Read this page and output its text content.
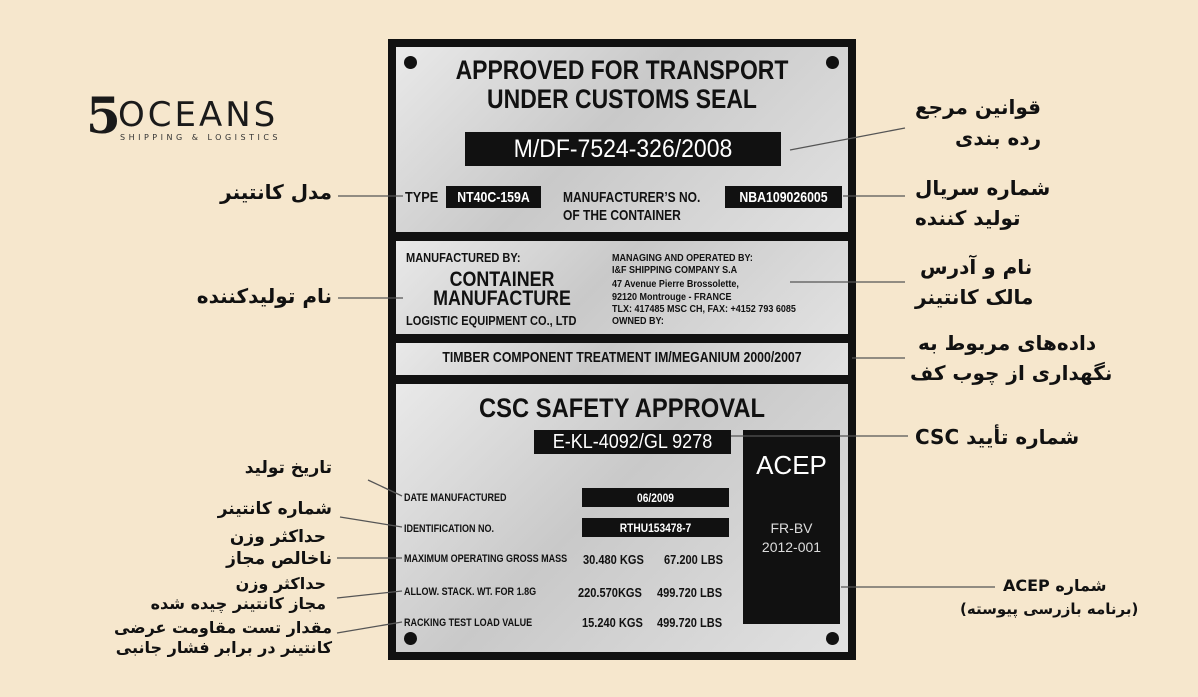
5
OCEANS
SHIPPING & LOGISTICS
APPROVED FOR TRANSPORT
UNDER CUSTOMS SEAL
M/DF-7524-326/2008
TYPE NT40C-159A MANUFACTURER’S NO.
OF THE CONTAINER
NBA109026005
MANUFACTURED BY:
CONTAINER
MANUFACTURE
LOGISTIC EQUIPMENT CO., LTD
MANAGING AND OPERATED BY:
I&F SHIPPING COMPANY S.A
47 Avenue Pierre Brossolette,
92120 Montrouge - FRANCE
TLX: 417485 MSC CH, FAX: +4152 793 6085
OWNED BY:
TIMBER COMPONENT TREATMENT IM/MEGANIUM 2000/2007
CSC SAFETY APPROVAL
E-KL-4092/GL 9278
ACEP
FR-BV
2012-001
DATE MANUFACTURED	06/2009
IDENTIFICATION NO.	RTHU153478-7
MAXIMUM OPERATING GROSS MASS 30.480 KGS 67.200 LBS
ALLOW. STACK. WT. FOR 1.8G	220.570KGS 499.720 LBS
RACKING TEST LOAD VALUE	15.240 KGS 499.720 LBS
قوانین مرجع
رده بندی
شماره سریال
تولید کننده
نام و آدرس
مالک کانتینر
داده‌های مربوط به
نگهداری از چوب کف
شماره تأیید CSC
شماره ACEP
(برنامه بازرسی پیوسته)
مدل کانتینر
نام تولیدکننده
تاریخ تولید
شماره کانتینر
حداکثر وزن
ناخالص مجاز
حداکثر وزن
مجاز کانتینر چیده شده
مقدار تست مقاومت عرضی
کانتینر در برابر فشار جانبی
